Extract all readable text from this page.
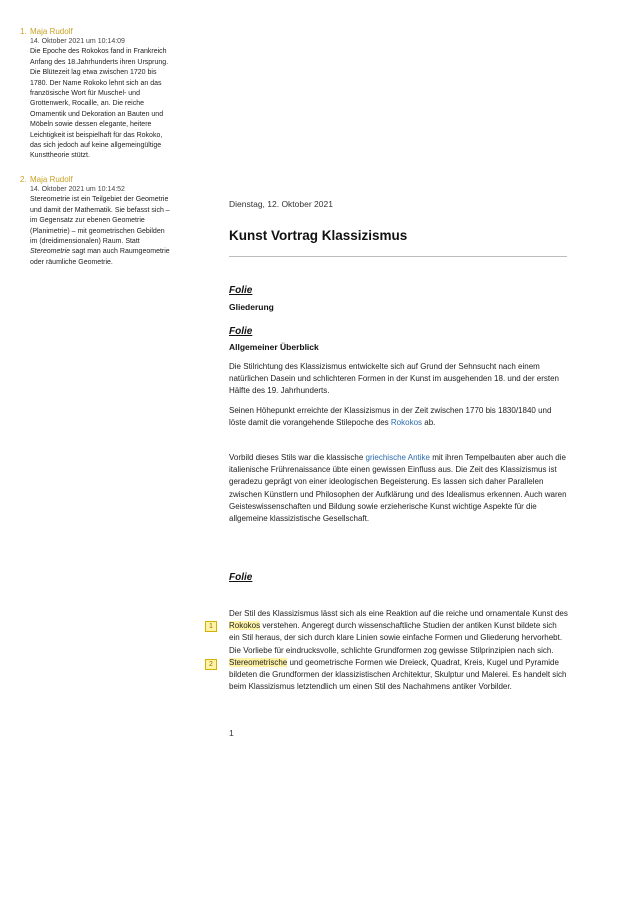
1. Maja Rudolf
14. Oktober 2021 um 10:14:09
Die Epoche des Rokokos fand in Frankreich Anfang des 18.Jahrhunderts ihren Ursprung. Die Blütezeit lag etwa zwischen 1720 bis 1780. Der Name Rokoko lehnt sich an das französische Wort für Muschel- und Grottenwerk, Rocaille, an. Die reiche Ornamentik und Dekoration an Bauten und Möbeln sowie dessen elegante, heitere Leichtigkeit ist beispielhaft für das Rokoko, das sich jedoch auf keine allgemeingültige Kunsttheorie stützt.
2. Maja Rudolf
14. Oktober 2021 um 10:14:52
Stereometrie ist ein Teilgebiet der Geometrie und damit der Mathematik. Sie befasst sich – im Gegensatz zur ebenen Geometrie (Planimetrie) – mit geometrischen Gebilden im (dreidimensionalen) Raum. Statt Stereometrie sagt man auch Raumgeometrie oder räumliche Geometrie.
Dienstag, 12. Oktober 2021
Kunst Vortrag Klassizismus
Folie
Gliederung
Folie
Allgemeiner Überblick

Die Stilrichtung des Klassizismus entwickelte sich auf Grund der Sehnsucht nach einem natürlichen Dasein und schlichteren Formen in der Kunst im ausgehenden 18. und der ersten Hälfte des 19. Jahrhunderts.

Seinen Höhepunkt erreichte der Klassizismus in der Zeit zwischen 1770 bis 1830/1840 und löste damit die vorangehende Stilepoche des Rokokos ab.

Vorbild dieses Stils war die klassische griechische Antike mit ihren Tempelbauten aber auch die italienische Frührenaissance übte einen gewissen Einfluss aus. Die Zeit des Klassizismus ist geradezu geprägt von einer ideologischen Begeisterung. Es lassen sich daher Parallelen zwischen Künstlern und Philosophen der Aufklärung und des Idealismus erkennen. Auch waren Geisteswissenschaften und Bildung sowie erzieherische Kunst wichtige Aspekte für die allgemeine klassizistische Gesellschaft.

Folie
1
2

Der Stil des Klassizismus lässt sich als eine Reaktion auf die reiche und ornamentale Kunst des Rokokos verstehen. Angeregt durch wissenschaftliche Studien der antiken Kunst bildete sich ein Stil heraus, der sich durch klare Linien sowie einfache Formen und Gliederung hervorhebt. Die Vorliebe für eindrucksvolle, schlichte Grundformen zog gewisse Stilprinzipien nach sich. Stereometrische und geometrische Formen wie Dreieck, Quadrat, Kreis, Kugel und Pyramide bildeten die Grundformen der klassizistischen Architektur, Skulptur und Malerei. Es handelt sich beim Klassizismus letztendlich um einen Stil des Nachahmens antiker Vorbilder.

1
